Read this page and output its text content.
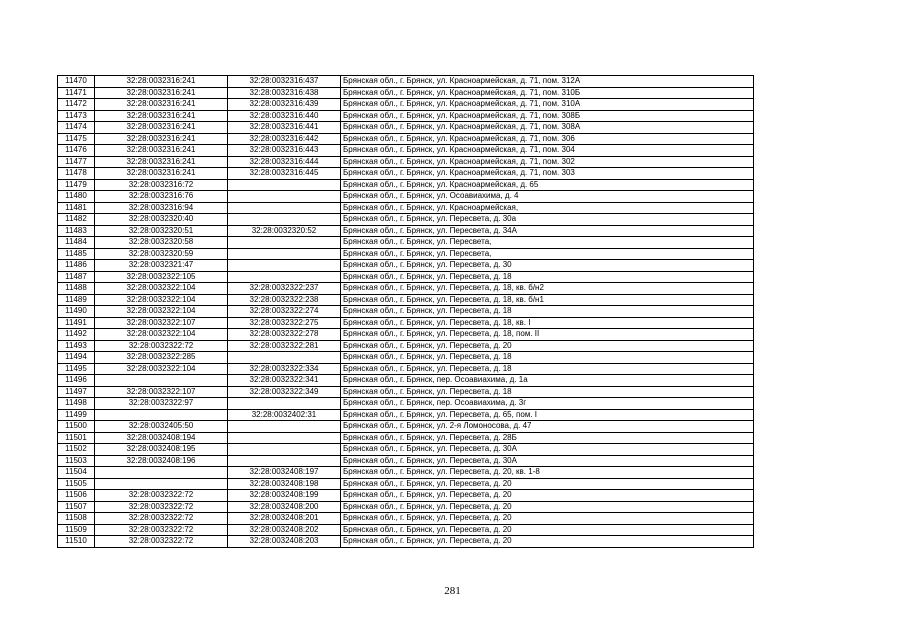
11470	32:28:0032316:241	32:28:0032316:437	Брянская обл., г. Брянск, ул. Красноармейская, д. 71, пом. 312А
11471	32:28:0032316:241	32:28:0032316:438	Брянская обл., г. Брянск, ул. Красноармейская, д. 71, пом. 310Б
11472	32:28:0032316:241	32:28:0032316:439	Брянская обл., г. Брянск, ул. Красноармейская, д. 71, пом. 310А
11473	32:28:0032316:241	32:28:0032316:440	Брянская обл., г. Брянск, ул. Красноармейская, д. 71, пом. 308Б
11474	32:28:0032316:241	32:28:0032316:441	Брянская обл., г. Брянск, ул. Красноармейская, д. 71, пом. 308А
11475	32:28:0032316:241	32:28:0032316:442	Брянская обл., г. Брянск, ул. Красноармейская, д. 71, пом. 306
11476	32:28:0032316:241	32:28:0032316:443	Брянская обл., г. Брянск, ул. Красноармейская, д. 71, пом. 304
11477	32:28:0032316:241	32:28:0032316:444	Брянская обл., г. Брянск, ул. Красноармейская, д. 71, пом. 302
11478	32:28:0032316:241	32:28:0032316:445	Брянская обл., г. Брянск, ул. Красноармейская, д. 71, пом. 303
11479	32:28:0032316:72		Брянская обл., г. Брянск, ул. Красноармейская, д. 65
11480	32:28:0032316:76		Брянская обл., г. Брянск, ул. Осоавиахима, д. 4
11481	32:28:0032316:94		Брянская обл., г. Брянск, ул. Красноармейская,
11482	32:28:0032320:40		Брянская обл., г. Брянск, ул. Пересвета, д. 30а
11483	32:28:0032320:51	32:28:0032320:52	Брянская обл., г. Брянск, ул. Пересвета, д. 34А
11484	32:28:0032320:58		Брянская обл., г. Брянск, ул. Пересвета,
11485	32:28:0032320:59		Брянская обл., г. Брянск, ул. Пересвета,
11486	32:28:0032321:47		Брянская обл., г. Брянск, ул. Пересвета, д. 30
11487	32:28:0032322:105		Брянская обл., г. Брянск, ул. Пересвета, д. 18
11488	32:28:0032322:104	32:28:0032322:237	Брянская обл., г. Брянск, ул. Пересвета, д. 18, кв. б/н2
11489	32:28:0032322:104	32:28:0032322:238	Брянская обл., г. Брянск, ул. Пересвета, д. 18, кв. б/н1
11490	32:28:0032322:104	32:28:0032322:274	Брянская обл., г. Брянск, ул. Пересвета, д. 18
11491	32:28:0032322:107	32:28:0032322:275	Брянская обл., г. Брянск, ул. Пересвета, д. 18, кв. I
11492	32:28:0032322:104	32:28:0032322:278	Брянская обл., г. Брянск, ул. Пересвета, д. 18, пом. II
11493	32:28:0032322:72	32:28:0032322:281	Брянская обл., г. Брянск, ул. Пересвета, д. 20
11494	32:28:0032322:285		Брянская обл., г. Брянск, ул. Пересвета, д. 18
11495	32:28:0032322:104	32:28:0032322:334	Брянская обл., г. Брянск, ул. Пересвета, д. 18
11496		32:28:0032322:341	Брянская обл., г. Брянск, пер. Осоавиахима, д. 1а
11497	32:28:0032322:107	32:28:0032322:349	Брянская обл., г. Брянск, ул. Пересвета, д. 18
11498	32:28:0032322:97		Брянская обл., г. Брянск, пер. Осоавиахима, д. 3г
11499		32:28:0032402:31	Брянская обл., г. Брянск, ул. Пересвета, д. 65, пом. I
11500	32:28:0032405:50		Брянская обл., г. Брянск, ул. 2-я Ломоносова, д. 47
11501	32:28:0032408:194		Брянская обл., г. Брянск, ул. Пересвета, д. 28Б
11502	32:28:0032408:195		Брянская обл., г. Брянск, ул. Пересвета, д. 30А
11503	32:28:0032408:196		Брянская обл., г. Брянск, ул. Пересвета, д. 30А
11504		32:28:0032408:197	Брянская обл., г. Брянск, ул. Пересвета, д. 20, кв. 1-8
11505		32:28:0032408:198	Брянская обл., г. Брянск, ул. Пересвета, д. 20
11506	32:28:0032322:72	32:28:0032408:199	Брянская обл., г. Брянск, ул. Пересвета, д. 20
11507	32:28:0032322:72	32:28:0032408:200	Брянская обл., г. Брянск, ул. Пересвета, д. 20
11508	32:28:0032322:72	32:28:0032408:201	Брянская обл., г. Брянск, ул. Пересвета, д. 20
11509	32:28:0032322:72	32:28:0032408:202	Брянская обл., г. Брянск, ул. Пересвета, д. 20
11510	32:28:0032322:72	32:28:0032408:203	Брянская обл., г. Брянск, ул. Пересвета, д. 20
281
